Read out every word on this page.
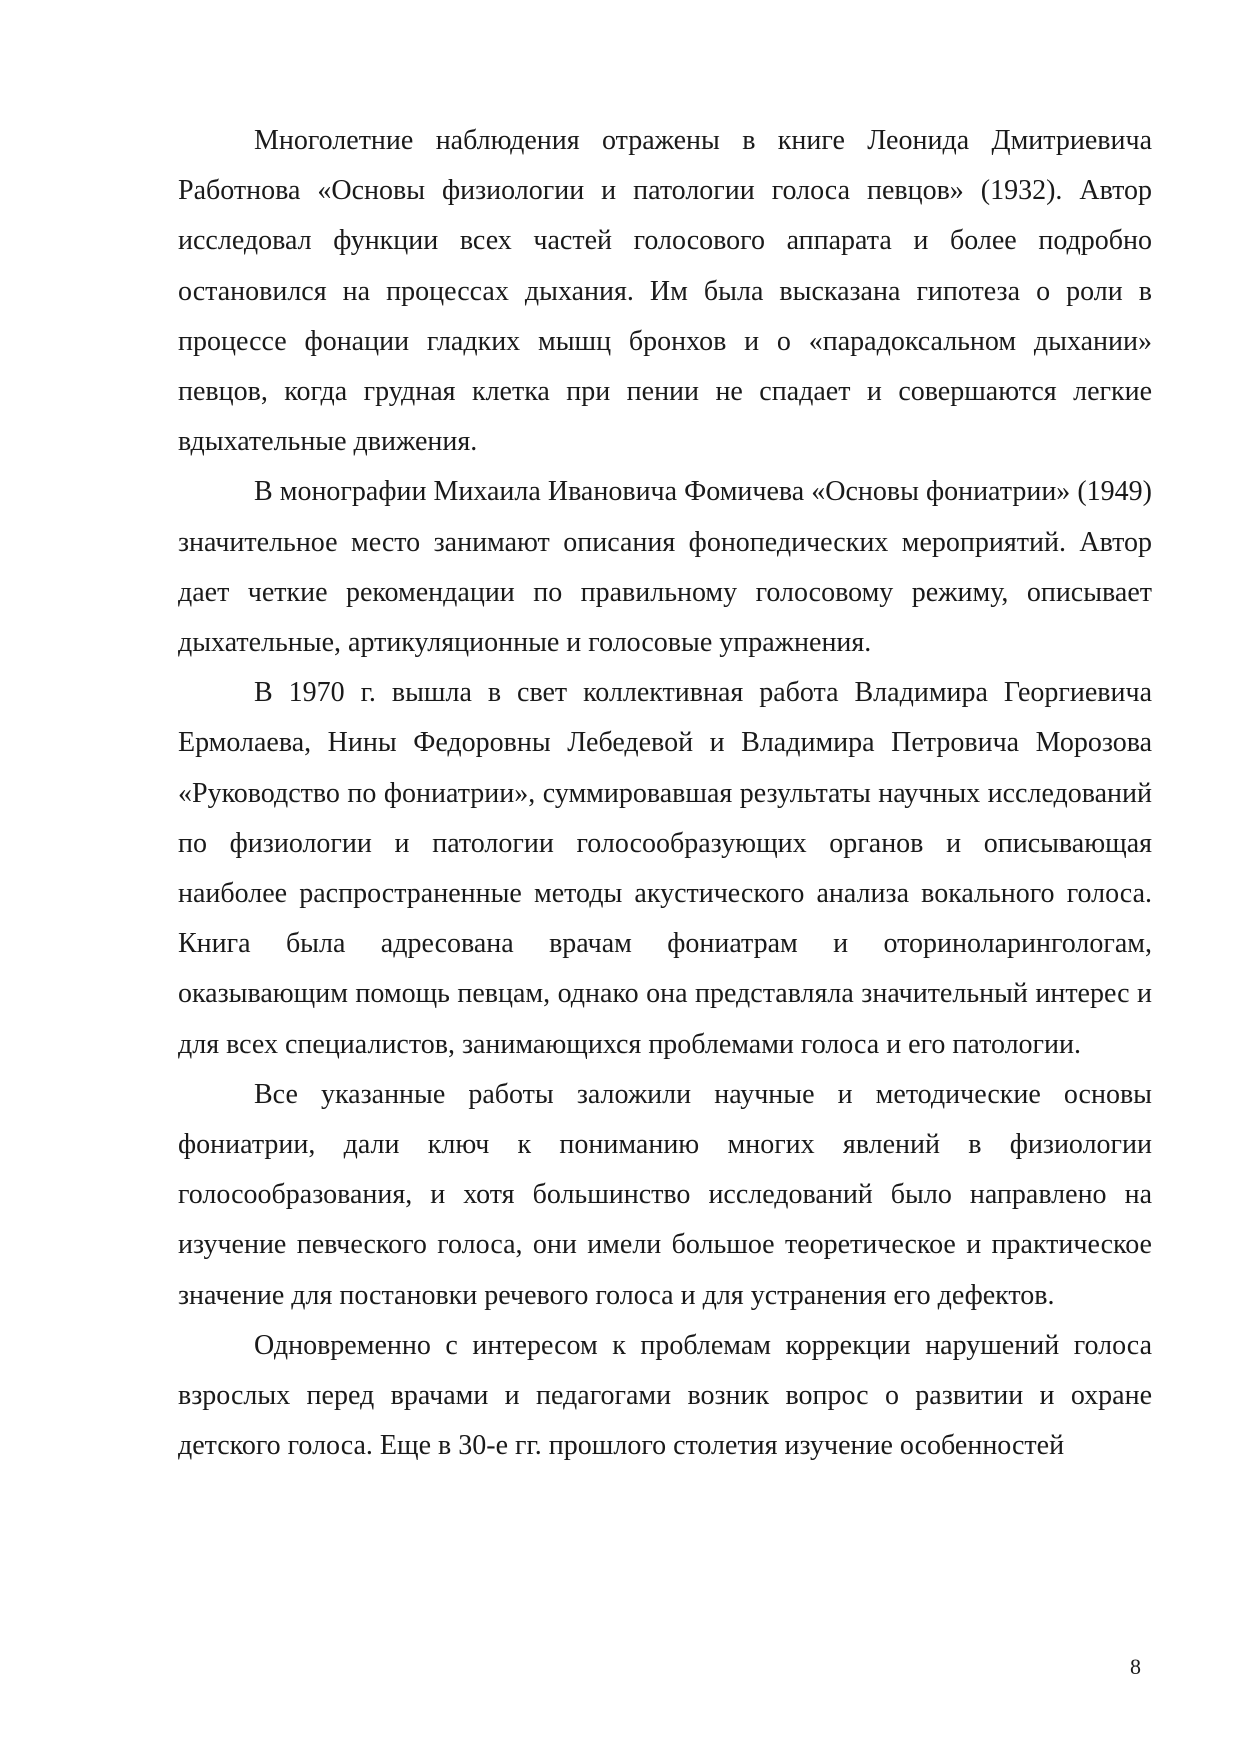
Многолетние наблюдения отражены в книге Леонида Дмитриевича Работнова «Основы физиологии и патологии голоса певцов» (1932). Автор исследовал функции всех частей голосового аппарата и более подробно остановился на процессах дыхания. Им была высказана гипотеза о роли в процессе фонации гладких мышц бронхов и о «парадоксальном дыхании» певцов, когда грудная клетка при пении не спадает и совершаются легкие вдыхательные движения.

В монографии Михаила Ивановича Фомичева «Основы фониатрии» (1949) значительное место занимают описания фонопедических мероприятий. Автор дает четкие рекомендации по правильному голосовому режиму, описывает дыхательные, артикуляционные и голосовые упражнения.

В 1970 г. вышла в свет коллективная работа Владимира Георгиевича Ермолаева, Нины Федоровны Лебедевой и Владимира Петровича Морозова «Руководство по фониатрии», суммировавшая результаты научных исследований по физиологии и патологии голосообразующих органов и описывающая наиболее распространенные методы акустического анализа вокального голоса. Книга была адресована врачам фониатрам и оториноларингологам, оказывающим помощь певцам, однако она представляла значительный интерес и для всех специалистов, занимающихся проблемами голоса и его патологии.

Все указанные работы заложили научные и методические основы фониатрии, дали ключ к пониманию многих явлений в физиологии голосообразования, и хотя большинство исследований было направлено на изучение певческого голоса, они имели большое теоретическое и практическое значение для постановки речевого голоса и для устранения его дефектов.

Одновременно с интересом к проблемам коррекции нарушений голоса взрослых перед врачами и педагогами возник вопрос о развитии и охране детского голоса. Еще в 30-е гг. прошлого столетия изучение особенностей

8
